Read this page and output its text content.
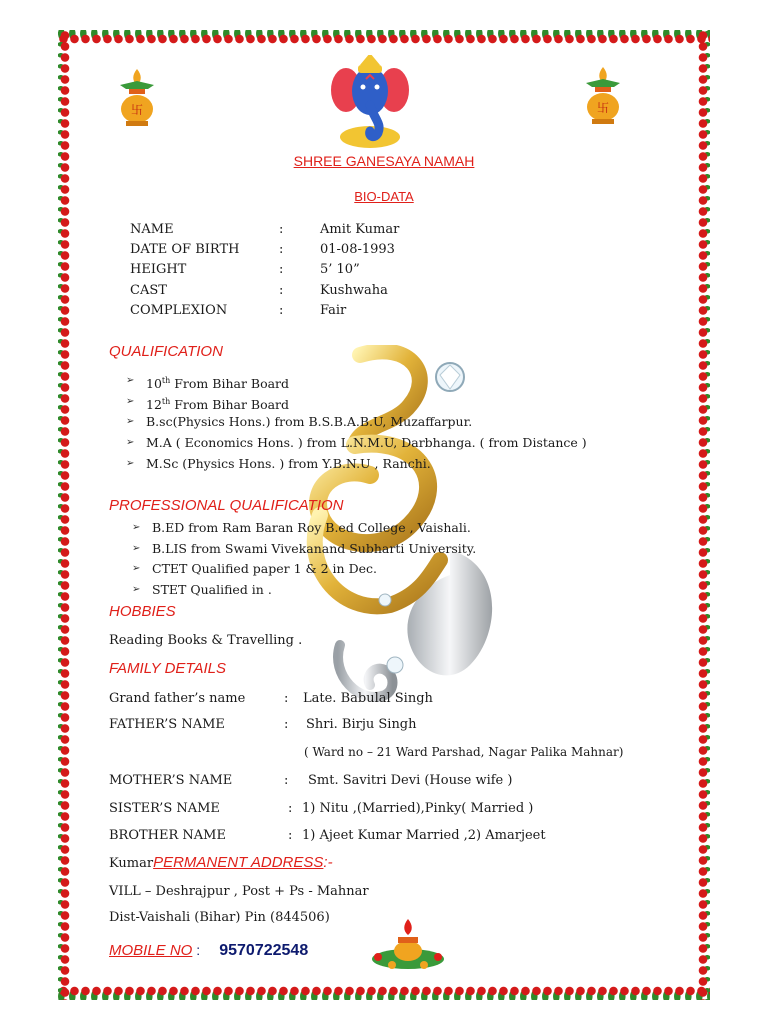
卐	卐
SHREE GANESAYA NAMAH
BIO-DATA
NAME	:	Amit Kumar
DATE OF BIRTH	:	01-08-1993
HEIGHT	:	5’ 10”
CAST	:	Kushwaha
COMPLEXION	:	Fair
QUALIFICATION
➢ 10th From Bihar Board
➢ 12th From Bihar Board
➢ B.sc(Physics Hons.) from B.S.B.A.B.U, Muzaffarpur.
➢ M.A ( Economics Hons. ) from L.N.M.U, Darbhanga. ( from Distance )
➢ M.Sc (Physics Hons. ) from Y.B.N.U , Ranchi.
PROFESSIONAL QUALIFICATION
➢ B.ED from Ram Baran Roy B.ed College , Vaishali.
➢ B.LIS from Swami Vivekanand Subharti University.
➢ CTET Qualified paper 1 & 2 in Dec.
➢ STET Qualified in .
HOBBIES
Reading Books & Travelling .
FAMILY DETAILS
Grand father’s name	: Late. Babulal Singh
FATHER’S NAME	: Shri. Birju Singh
( Ward no – 21 Ward Parshad, Nagar Palika Mahnar)
MOTHER’S NAME	: Smt. Savitri Devi (House wife )
SISTER’S NAME	: 1) Nitu ,(Married),Pinky( Married )
BROTHER NAME	: 1) Ajeet Kumar Married ,2) Amarjeet
KumarPERMANENT ADDRESS:-
VILL – Deshrajpur , Post + Ps - Mahnar
Dist-Vaishali (Bihar) Pin (844506)
MOBILE NO : 9570722548
